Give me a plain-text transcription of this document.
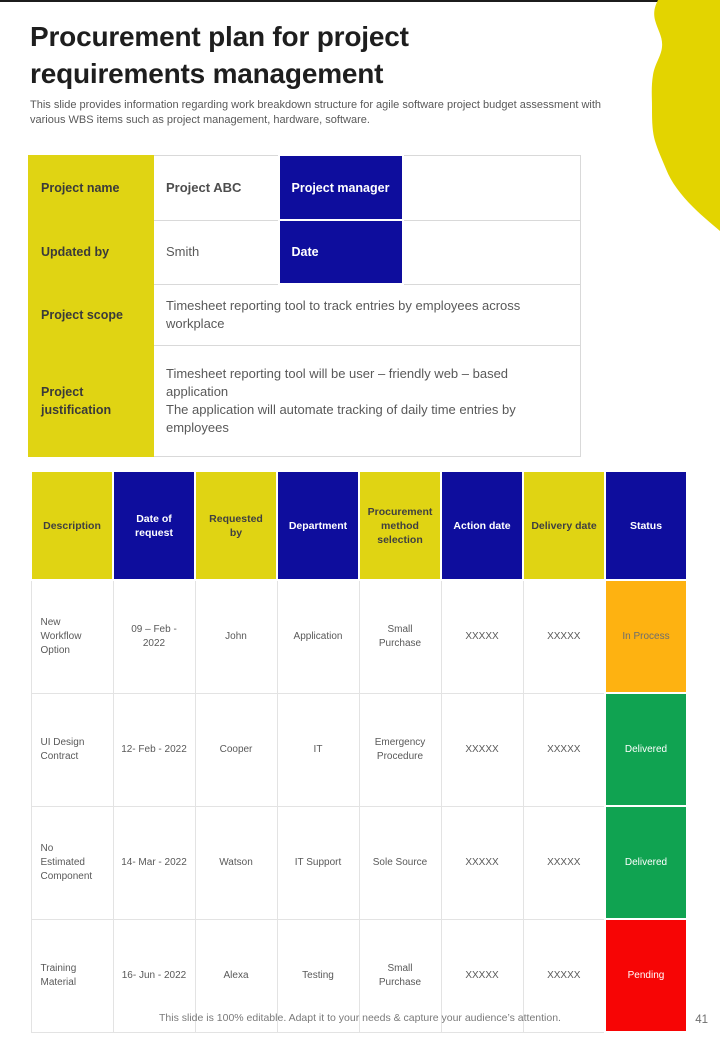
Procurement plan for project
requirements management
This slide provides information regarding work breakdown structure for agile software project budget assessment with various WBS items such as project management, hardware, software.
Project name	Project ABC	Project manager	
Updated by	Smith	Date	
Project scope	Timesheet reporting tool to track entries by employees across workplace		
Project justification	Timesheet reporting tool will be user – friendly web – based application
The application will automate tracking of daily time entries by employees		
Description	Date of request	Requested by	Department	Procurement method selection	Action date	Delivery date	Status
New Workflow Option	09 – Feb - 2022	John	Application	Small Purchase	XXXXX	XXXXX	In Process
UI Design Contract	12- Feb - 2022	Cooper	IT	Emergency Procedure	XXXXX	XXXXX	Delivered
No Estimated Component	14- Mar - 2022	Watson	IT Support	Sole Source	XXXXX	XXXXX	Delivered
Training Material	16- Jun - 2022	Alexa	Testing	Small Purchase	XXXXX	XXXXX	Pending
This slide is 100% editable. Adapt it to your needs & capture your audience’s attention.	41
